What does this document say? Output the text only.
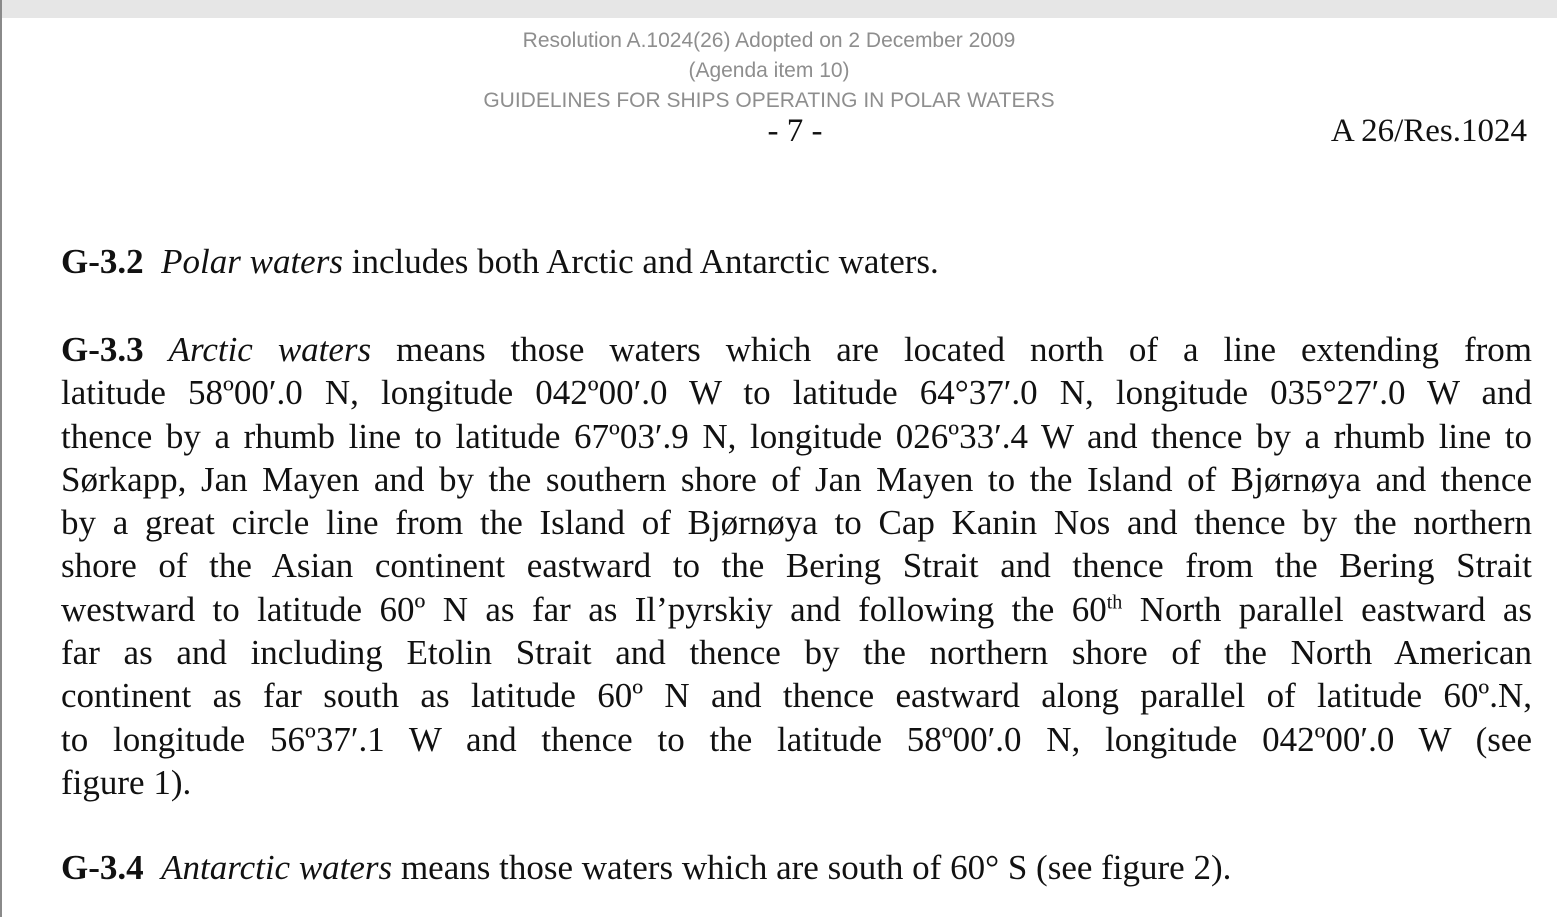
Resolution A.1024(26) Adopted on 2 December 2009
(Agenda item 10)
GUIDELINES FOR SHIPS OPERATING IN POLAR WATERS
- 7 -	A 26/Res.1024
G-3.2 Polar waters includes both Arctic and Antarctic waters.
G-3.3 Arctic waters means those waters which are located north of a line extending from
latitude 58º00′.0 N, longitude 042º00′.0 W to latitude 64°37′.0 N, longitude 035°27′.0 W and
thence by a rhumb line to latitude 67º03′.9 N, longitude 026º33′.4 W and thence by a rhumb line to
Sørkapp, Jan Mayen and by the southern shore of Jan Mayen to the Island of Bjørnøya and thence
by a great circle line from the Island of Bjørnøya to Cap Kanin Nos and thence by the northern
shore of the Asian continent eastward to the Bering Strait and thence from the Bering Strait
westward to latitude 60º N as far as Il’pyrskiy and following the 60th North parallel eastward as
far as and including Etolin Strait and thence by the northern shore of the North American
continent as far south as latitude 60º N and thence eastward along parallel of latitude 60º.N,
to longitude 56º37′.1 W and thence to the latitude 58º00′.0 N, longitude 042º00′.0 W (see
figure 1).
G-3.4 Antarctic waters means those waters which are south of 60° S (see figure 2).
